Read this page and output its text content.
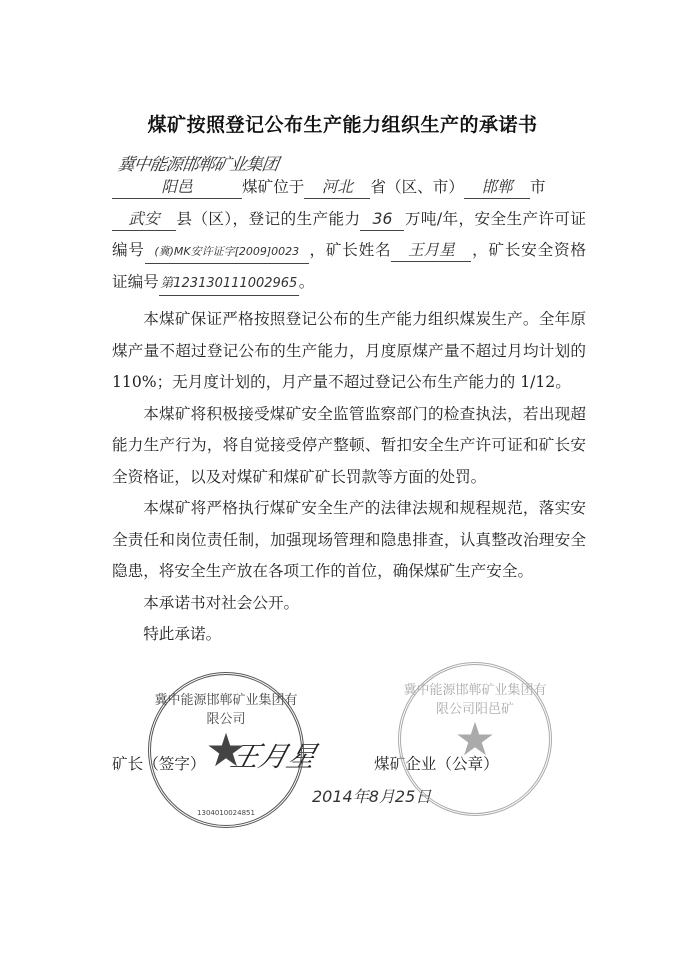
煤矿按照登记公布生产能力组织生产的承诺书
冀中能源邯郸矿业集团
阳邑	煤矿位于 河北 省（区、市） 邯郸 市
武安 县（区），登记的生产能力 36 万吨/年，安全生产许可证编号 (冀)MK安许证字[2009]0023 ，矿长姓名 王月星 ，矿长安全资格证编号第123130111002965。

本煤矿保证严格按照登记公布的生产能力组织煤炭生产。全年原煤产量不超过登记公布的生产能力，月度原煤产量不超过月均计划的 110%；无月度计划的，月产量不超过登记公布生产能力的 1/12。

本煤矿将积极接受煤矿安全监管监察部门的检查执法，若出现超能力生产行为，将自觉接受停产整顿、暂扣安全生产许可证和矿长安全资格证，以及对煤矿和煤矿矿长罚款等方面的处罚。

本煤矿将严格执行煤矿安全生产的法律法规和规程规范，落实安全责任和岗位责任制，加强现场管理和隐患排查，认真整改治理安全隐患，将安全生产放在各项工作的首位，确保煤矿生产安全。

本承诺书对社会公开。

特此承诺。

矿长（签字） 王月星	煤矿企业（公章）
2014年8月25日
冀中能源邯郸矿业集团有限公司
★
1304010024851
冀中能源邯郸矿业集团有限公司阳邑矿
★
